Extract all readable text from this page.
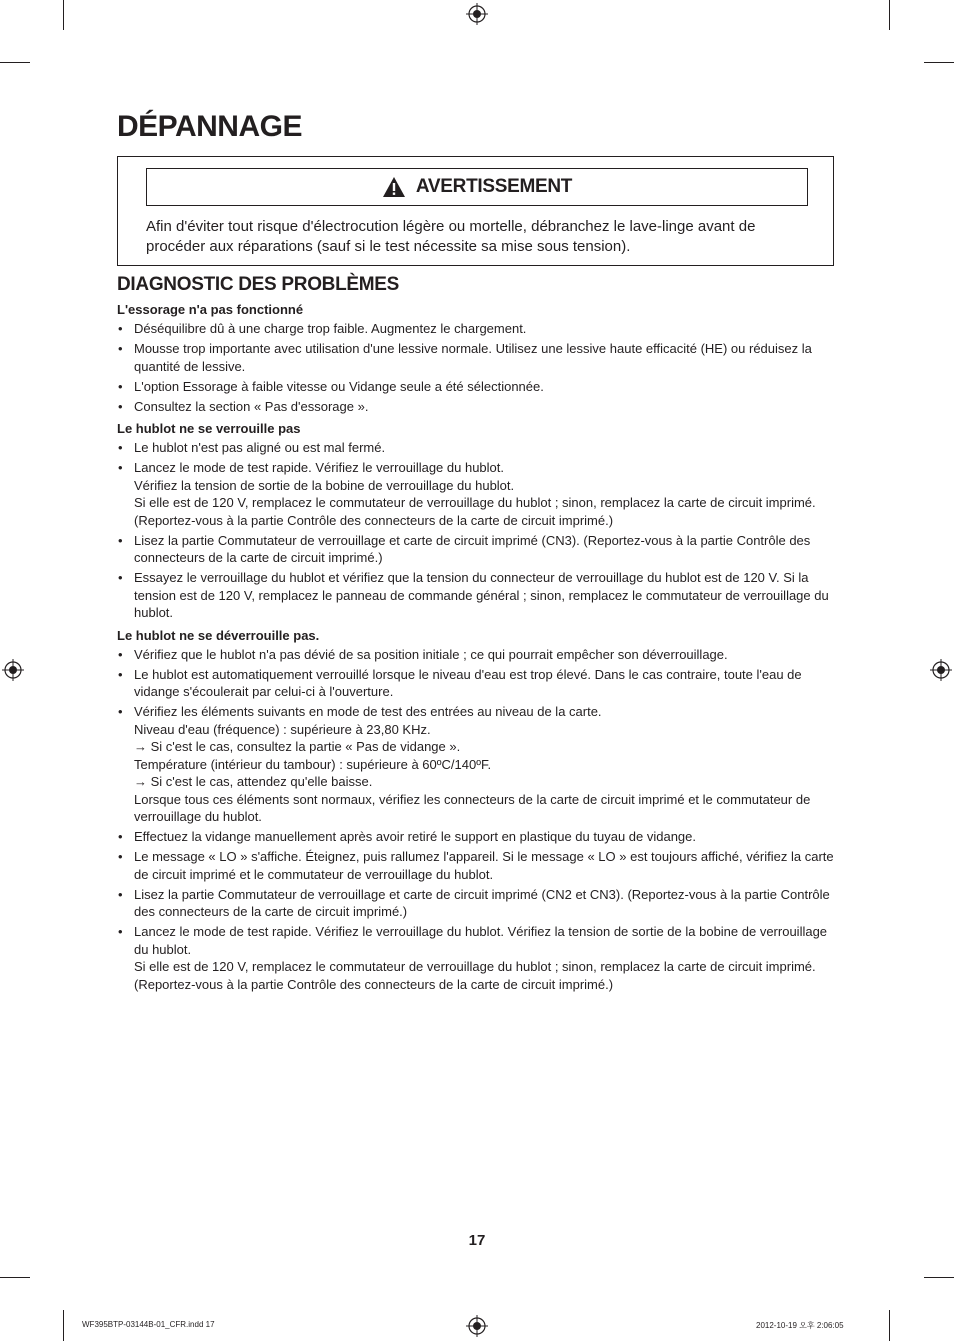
DÉPANNAGE
AVERTISSEMENT

Afin d'éviter tout risque d'électrocution légère ou mortelle, débranchez le lave-linge avant de procéder aux réparations (sauf si le test nécessite sa mise sous tension).

DIAGNOSTIC DES PROBLÈMES
L'essorage n'a pas fonctionné
• Déséquilibre dû à une charge trop faible. Augmentez le chargement.
• Mousse trop importante avec utilisation d'une lessive normale. Utilisez une lessive haute efficacité (HE) ou réduisez la quantité de lessive.
• L'option Essorage à faible vitesse ou Vidange seule a été sélectionnée.
• Consultez la section « Pas d'essorage ».
Le hublot ne se verrouille pas
• Le hublot n'est pas aligné ou est mal fermé.
• Lancez le mode de test rapide. Vérifiez le verrouillage du hublot.
Vérifiez la tension de sortie de la bobine de verrouillage du hublot.
Si elle est de 120 V, remplacez le commutateur de verrouillage du hublot ; sinon, remplacez la carte de circuit imprimé. (Reportez-vous à la partie Contrôle des connecteurs de la carte de circuit imprimé.)
• Lisez la partie Commutateur de verrouillage et carte de circuit imprimé (CN3). (Reportez-vous à la partie Contrôle des connecteurs de la carte de circuit imprimé.)
• Essayez le verrouillage du hublot et vérifiez que la tension du connecteur de verrouillage du hublot est de 120 V. Si la tension est de 120 V, remplacez le panneau de commande général ; sinon, remplacez le commutateur de verrouillage du hublot.
Le hublot ne se déverrouille pas.
• Vérifiez que le hublot n'a pas dévié de sa position initiale ; ce qui pourrait empêcher son déverrouillage.
• Le hublot est automatiquement verrouillé lorsque le niveau d'eau est trop élevé. Dans le cas contraire, toute l'eau de vidange s'écoulerait par celui-ci à l'ouverture.
• Vérifiez les éléments suivants en mode de test des entrées au niveau de la carte.
Niveau d'eau (fréquence) : supérieure à 23,80 KHz.
→ Si c'est le cas, consultez la partie « Pas de vidange ».
Température (intérieur du tambour) : supérieure à 60ºC/140ºF.
→ Si c'est le cas, attendez qu'elle baisse.
Lorsque tous ces éléments sont normaux, vérifiez les connecteurs de la carte de circuit imprimé et le commutateur de verrouillage du hublot.
• Effectuez la vidange manuellement après avoir retiré le support en plastique du tuyau de vidange.
• Le message « LO » s'affiche. Éteignez, puis rallumez l'appareil. Si le message « LO » est toujours affiché, vérifiez la carte de circuit imprimé et le commutateur de verrouillage du hublot.
• Lisez la partie Commutateur de verrouillage et carte de circuit imprimé (CN2 et CN3). (Reportez-vous à la partie Contrôle des connecteurs de la carte de circuit imprimé.)
• Lancez le mode de test rapide. Vérifiez le verrouillage du hublot. Vérifiez la tension de sortie de la bobine de verrouillage du hublot.
Si elle est de 120 V, remplacez le commutateur de verrouillage du hublot ; sinon, remplacez la carte de circuit imprimé. (Reportez-vous à la partie Contrôle des connecteurs de la carte de circuit imprimé.)
17
WF395BTP-03144B-01_CFR.indd 17	2012-10-19 오후 2:06:05
